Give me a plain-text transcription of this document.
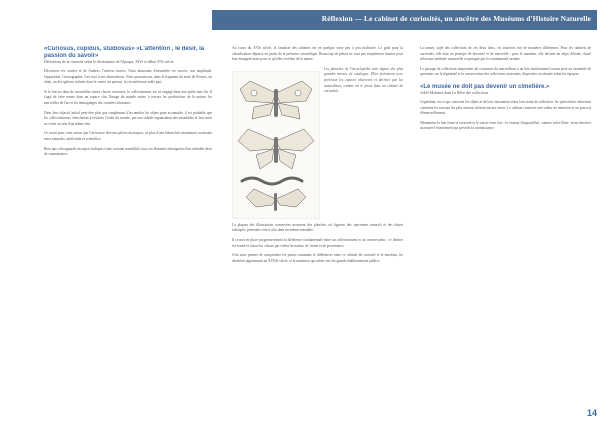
Réflexion — Le cabinet de curiosités, un ancêtre des Muséums d'Histoire Naturelle
«Curiosus, cupidus, studiosus» «L'attention , le désir, la passion du savoir»
Définitions de la curiosité selon le dictionnaire de l'époque, XIVe et début XVe siècle

Découvrez les centres et de Ambras, l'univers fauves. Nous abstenons d'ensemble ces secrets, son amplitude, l'apparition, l'iconographie, l'art reçu à ses observations. Nous poursuivons, dans le fragment du texte de fleuves, un objet, un des sphères infinies dont le centre est partout, la circonférence nulle part.

Si le fait est dans de rassembler toutes choses curieuses, le collectionneur est ici engagé dans une quête sans fin. Il s'agit de faire entrer dans un espace clos l'image du monde entier, à travers les productions de la nature, les merveilles de l'art et les témoignages des contrées lointaines.

Dans leur objectif initial peut-être plus que simplement d'accumuler les objets pour accumuler, il est probable que les collectionneurs cherchaient à restituer l'ordre du monde, par une subtile organisation des ensembles et leur mise en scène au sein d'un même lieu.

Ce serait pour cette raison que l'on trouve diverses pièces mystiques, en plus d'une hiérarchie savamment construite entre naturalia, artificialia et scientifica.

Bien que cela apparaît un aspect ludique et une certaine sensibilité, tous ces éléments témoignent d'un véritable désir de connaissance.

Au cours du XVIe siècle, la fantaisie des cabinets est en quelque sorte peu à peu maîtrisée. Le goût pour la classification dépasse en profit de la présence scientifique. Beaucoup de pièces ne sont pas simplement réunies pour leur étrangeté mais pour ce qu'elles révèlent de la nature.

Les planches de l'encyclopédie sont dignes des plus grandes œuvres de catalogue. Elles présentent avec précision les espèces observées et décrites par les naturalistes, comme on le ferait dans un cabinet de curiosités.

La plupart des illustrations conservées montrent des planches où figurent des spécimens naturels et des objets fabriqués, présentés côte à côte dans un même ensemble.

Il se met en place progressivement la différence fondamentale entre un collectionneur et un conservateur : ce dernier est formé et classe les choses par critère de nature, de forme et de provenance.

Cela nous permet de comprendre les points communs et différences entre ce cabinet de curiosité et le muséum, les dernières appartenant au XVIIIe siècle, et la transition qui mène vers les grands établissements publics.

La nature, sujet des collections de ces deux lieux, est toutefois vue de manières différentes. Pour les cabinets de curiosités, elle était un principe de diversité et de merveille ; pour le muséum, elle devient un objet d'étude, classé selon une méthode rationnelle et partagée par la communauté savante.

Le passage de collections empreintes de croyances du merveilleux à un lieu institutionnel savant pose un ensemble de questions sur la légitimité et la conservation des collections anciennes, dispersées ou réunies selon les époques.

«Le musée ne doit pas devenir un cimetière.»
Adolf Mahieux dans Le Rêve des collections

Cependant, en ce qui concerne les objets et de leur classement selon leur statut de collection, les spécialistes observent comment les travaux les plus anciens doivent encore servir. Le cabinet conserve une valeur de mémoire et un pouvoir d'émerveillement.

Néanmoins le lien entre la curiosité et le savoir reste fort : le visiteur d'aujourd'hui, comme celui d'hier, vient chercher au musée l'étonnement qui précède la connaissance.

14
